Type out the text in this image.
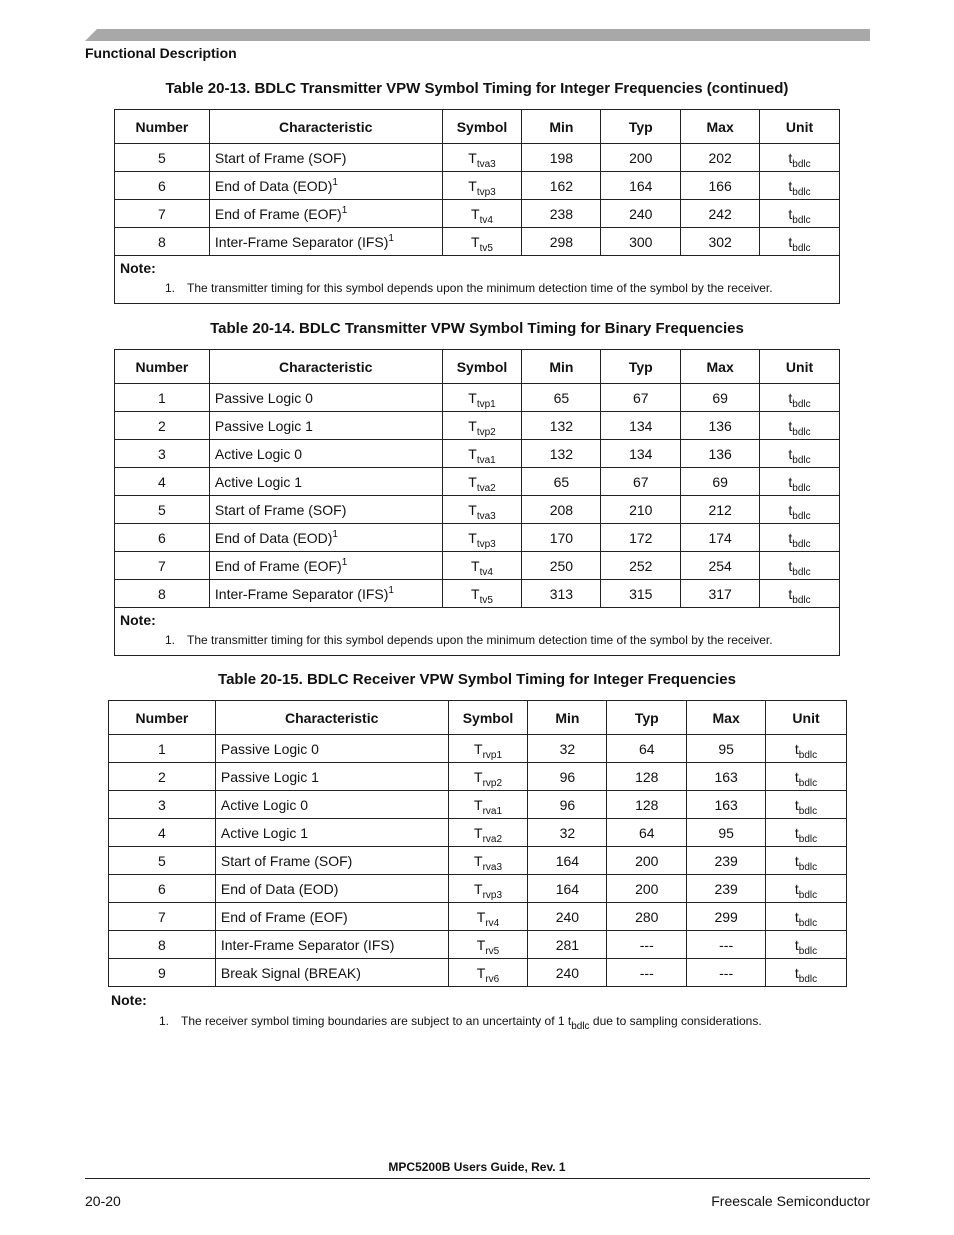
Functional Description
Table 20-13. BDLC Transmitter VPW Symbol Timing for Integer Frequencies (continued)
Number	Characteristic	Symbol	Min	Typ	Max	Unit
5	Start of Frame (SOF)	$T_{tva3}$	198	200	202	$t_{bdlc}$
6	End of Data (EOD)$^1$	$T_{tvp3}$	162	164	166	$t_{bdlc}$
7	End of Frame (EOF)$^1$	$T_{tv4}$	238	240	242	$t_{bdlc}$
8	Inter-Frame Separator (IFS)$^1$	$T_{tv5}$	298	300	302	$t_{bdlc}$

Note:
1. The transmitter timing for this symbol depends upon the minimum detection time of the symbol by the receiver.						
Table 20-14. BDLC Transmitter VPW Symbol Timing for Binary Frequencies
Number	Characteristic	Symbol	Min	Typ	Max	Unit
1	Passive Logic 0	$T_{tvp1}$	65	67	69	$t_{bdlc}$
2	Passive Logic 1	$T_{tvp2}$	132	134	136	$t_{bdlc}$
3	Active Logic 0	$T_{tva1}$	132	134	136	$t_{bdlc}$
4	Active Logic 1	$T_{tva2}$	65	67	69	$t_{bdlc}$
5	Start of Frame (SOF)	$T_{tva3}$	208	210	212	$t_{bdlc}$
6	End of Data (EOD)$^1$	$T_{tvp3}$	170	172	174	$t_{bdlc}$
7	End of Frame (EOF)$^1$	$T_{tv4}$	250	252	254	$t_{bdlc}$
8	Inter-Frame Separator (IFS)$^1$	$T_{tv5}$	313	315	317	$t_{bdlc}$

Note:
1. The transmitter timing for this symbol depends upon the minimum detection time of the symbol by the receiver.						
Table 20-15. BDLC Receiver VPW Symbol Timing for Integer Frequencies
Number	Characteristic	Symbol	Min	Typ	Max	Unit
1	Passive Logic 0	$T_{rvp1}$	32	64	95	$t_{bdlc}$
2	Passive Logic 1	$T_{rvp2}$	96	128	163	$t_{bdlc}$
3	Active Logic 0	$T_{rva1}$	96	128	163	$t_{bdlc}$
4	Active Logic 1	$T_{rva2}$	32	64	95	$t_{bdlc}$
5	Start of Frame (SOF)	$T_{rva3}$	164	200	239	$t_{bdlc}$
6	End of Data (EOD)	$T_{rvp3}$	164	200	239	$t_{bdlc}$
7	End of Frame (EOF)	$T_{rv4}$	240	280	299	$t_{bdlc}$
8	Inter-Frame Separator (IFS)	$T_{rv5}$	281	---	---	$t_{bdlc}$
9	Break Signal (BREAK)	$T_{rv6}$	240	---	---	$t_{bdlc}$
Note:
1. The receiver symbol timing boundaries are subject to an uncertainty of 1 $t_{bdlc}$ due to sampling considerations.
MPC5200B Users Guide, Rev. 1
20-20	Freescale Semiconductor
